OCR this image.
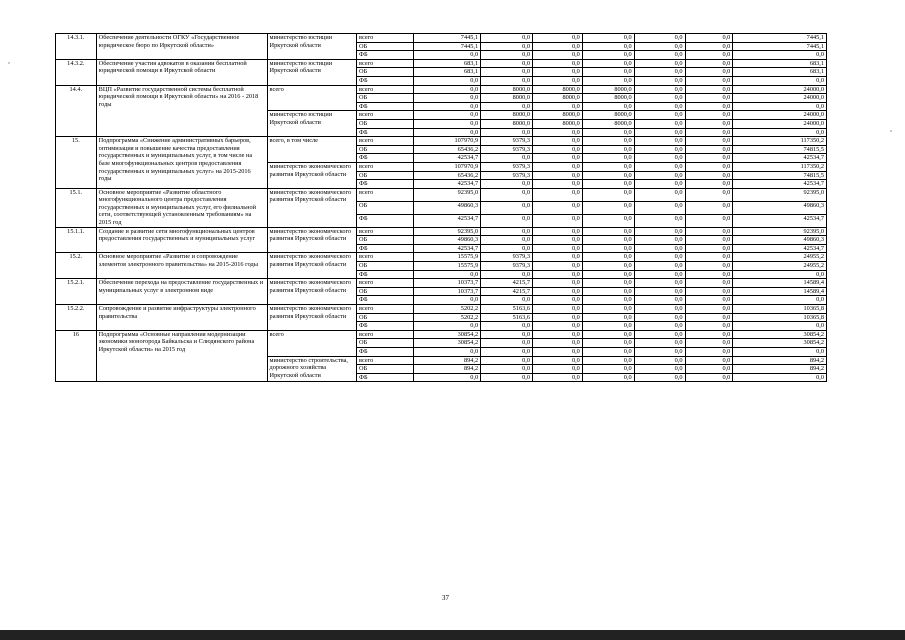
14.3.1.	Обеспечение деятельности ОГКУ «Государственное юридическое бюро по Иркутской области»	министерство юстиции Иркутской области	всего	7445,1	0,0	0,0	0,0	0,0	0,0	7445,1
			ОБ	7445,1	0,0	0,0	0,0	0,0	0,0	7445,1
			ФБ	0,0	0,0	0,0	0,0	0,0	0,0	0,0
14.3.2.	Обеспечение участия адвокатов в оказании бесплатной юридической помощи в Иркутской области	министерство юстиции Иркутской области	всего	683,1	0,0	0,0	0,0	0,0	0,0	683,1
			ОБ	683,1	0,0	0,0	0,0	0,0	0,0	683,1
			ФБ	0,0	0,0	0,0	0,0	0,0	0,0	0,0
14.4.	ВЦП «Развитие государственной системы бесплатной юридической помощи в Иркутской области» на 2016 - 2018 годы	всего	всего	0,0	8000,0	8000,0	8000,0	0,0	0,0	24000,0
			ОБ	0,0	8000,0	8000,0	8000,0	0,0	0,0	24000,0
			ФБ	0,0	0,0	0,0	0,0	0,0	0,0	0,0
		министерство юстиции Иркутской области	всего	0,0	8000,0	8000,0	8000,0	0,0	0,0	24000,0
			ОБ	0,0	8000,0	8000,0	8000,0	0,0	0,0	24000,0
			ФБ	0,0	0,0	0,0	0,0	0,0	0,0	0,0
15.	Подпрограмма «Снижение административных барьеров, оптимизация и повышение качества предоставления государственных и муниципальных услуг, в том числе на базе многофункциональных центров предоставления государственных и муниципальных услуг» на 2015-2016 годы	всего, в том числе	всего	107970,9	9379,3	0,0	0,0	0,0	0,0	117350,2
			ОБ	65436,2	9379,3	0,0	0,0	0,0	0,0	74815,5
			ФБ	42534,7	0,0	0,0	0,0	0,0	0,0	42534,7
		министерство экономического развития Иркутской области	всего	107970,9	9379,3	0,0	0,0	0,0	0,0	117350,2
			ОБ	65436,2	9379,3	0,0	0,0	0,0	0,0	74815,5
			ФБ	42534,7	0,0	0,0	0,0	0,0	0,0	42534,7
15.1.	Основное мероприятие «Развитие областного многофункционального центра предоставления государственных и муниципальных услуг, его филиальной сети, соответствующей установленным требованиям» на 2015 год	министерство экономического развития Иркутской области	всего	92395,0	0,0	0,0	0,0	0,0	0,0	92395,0
			ОБ	49860,3	0,0	0,0	0,0	0,0	0,0	49860,3
			ФБ	42534,7	0,0	0,0	0,0	0,0	0,0	42534,7
15.1.1.	Создание и развитие сети многофункциональных центров предоставления государственных и муниципальных услуг	министерство экономического развития Иркутской области	всего	92395,0	0,0	0,0	0,0	0,0	0,0	92395,0
			ОБ	49860,3	0,0	0,0	0,0	0,0	0,0	49860,3
			ФБ	42534,7	0,0	0,0	0,0	0,0	0,0	42534,7
15.2.	Основное мероприятие «Развитие и сопровождение элементов электронного правительства» на 2015-2016 годы	министерство экономического развития Иркутской области	всего	15575,9	9379,3	0,0	0,0	0,0	0,0	24955,2
			ОБ	15575,9	9379,3	0,0	0,0	0,0	0,0	24955,2
			ФБ	0,0	0,0	0,0	0,0	0,0	0,0	0,0
15.2.1.	Обеспечение перехода на предоставление государственных и муниципальных услуг в электронном виде	министерство экономического развития Иркутской области	всего	10373,7	4215,7	0,0	0,0	0,0	0,0	14589,4
			ОБ	10373,7	4215,7	0,0	0,0	0,0	0,0	14589,4
			ФБ	0,0	0,0	0,0	0,0	0,0	0,0	0,0
15.2.2.	Сопровождение и развитие инфраструктуры электронного правительства	министерство экономического развития Иркутской области	всего	5202,2	5163,6	0,0	0,0	0,0	0,0	10365,8
			ОБ	5202,2	5163,6	0,0	0,0	0,0	0,0	10365,8
			ФБ	0,0	0,0	0,0	0,0	0,0	0,0	0,0
16	Подпрограмма «Основные направления модернизации экономики моногорода Байкальска и Слюдянского района Иркутской области» на 2015 год	всего	всего	30854,2	0,0	0,0	0,0	0,0	0,0	30854,2
			ОБ	30854,2	0,0	0,0	0,0	0,0	0,0	30854,2
			ФБ	0,0	0,0	0,0	0,0	0,0	0,0	0,0
		министерство строительства, дорожного хозяйства Иркутской области	всего	894,2	0,0	0,0	0,0	0,0	0,0	894,2
			ОБ	894,2	0,0	0,0	0,0	0,0	0,0	894,2
			ФБ	0,0	0,0	0,0	0,0	0,0	0,0	0,0
37
